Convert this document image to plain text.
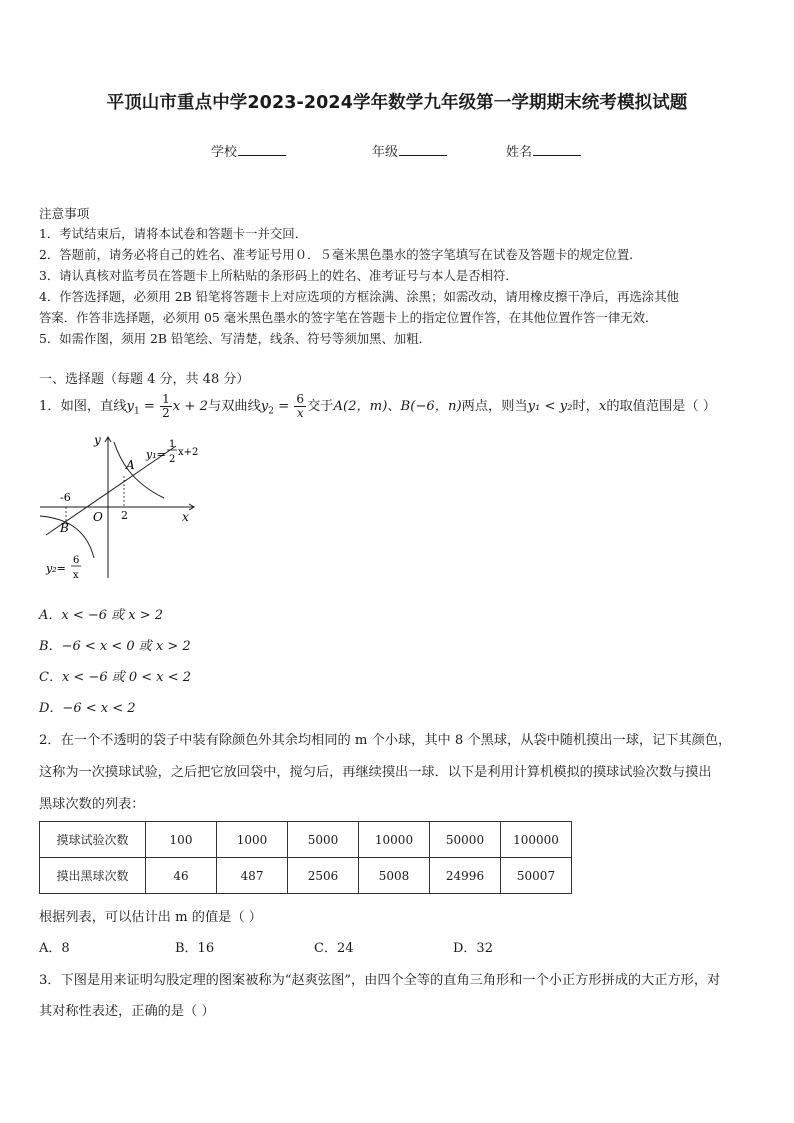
平顶山市重点中学2023-2024学年数学九年级第一学期期末统考模拟试题
学校	年级	姓名
注意事项
1．考试结束后，请将本试卷和答题卡一并交回．
2．答题前，请务必将自己的姓名、准考证号用０．５毫米黑色墨水的签字笔填写在试卷及答题卡的规定位置．
3．请认真核对监考员在答题卡上所粘贴的条形码上的姓名、准考证号与本人是否相符．
4．作答选择题，必须用 2B 铅笔将答题卡上对应选项的方框涂满、涂黑；如需改动，请用橡皮擦干净后，再选涂其他
答案．作答非选择题，必须用 05 毫米黑色墨水的签字笔在答题卡上的指定位置作答，在其他位置作答一律无效．
5．如需作图，须用 2B 铅笔绘、写清楚，线条、符号等须加黑、加粗．
一、选择题（每题 4 分，共 48 分）
1．如图，直线$y_1 = \frac{1}{2}$ x + 2与双曲线$y_2 = \frac{6}{x}$ 交于A(2，m)、B(−6，n)两点，则当y₁ < y₂时，x的取值范围是（ ）
y
x
O
-6
2
A
B
y₁=
1
2
x+2
y₂=
6
x
A．x < −6 或 x > 2
B．−6 < x < 0 或 x > 2
C．x < −6 或 0 < x < 2
D．−6 < x < 2
2．在一个不透明的袋子中装有除颜色外其余均相同的 m 个小球，其中 8 个黑球，从袋中随机摸出一球，记下其颜色，
这称为一次摸球试验，之后把它放回袋中，搅匀后，再继续摸出一球．以下是利用计算机模拟的摸球试验次数与摸出
黑球次数的列表：
摸球试验次数	100	1000	5000	10000	50000	100000
摸出黑球次数	46	487	2506	5008	24996	50007
根据列表，可以估计出 m 的值是（ ）
A．8	B．16	C．24	D．32
3．下图是用来证明勾股定理的图案被称为“赵爽弦图”，由四个全等的直角三角形和一个小正方形拼成的大正方形，对
其对称性表述，正确的是（ ）
